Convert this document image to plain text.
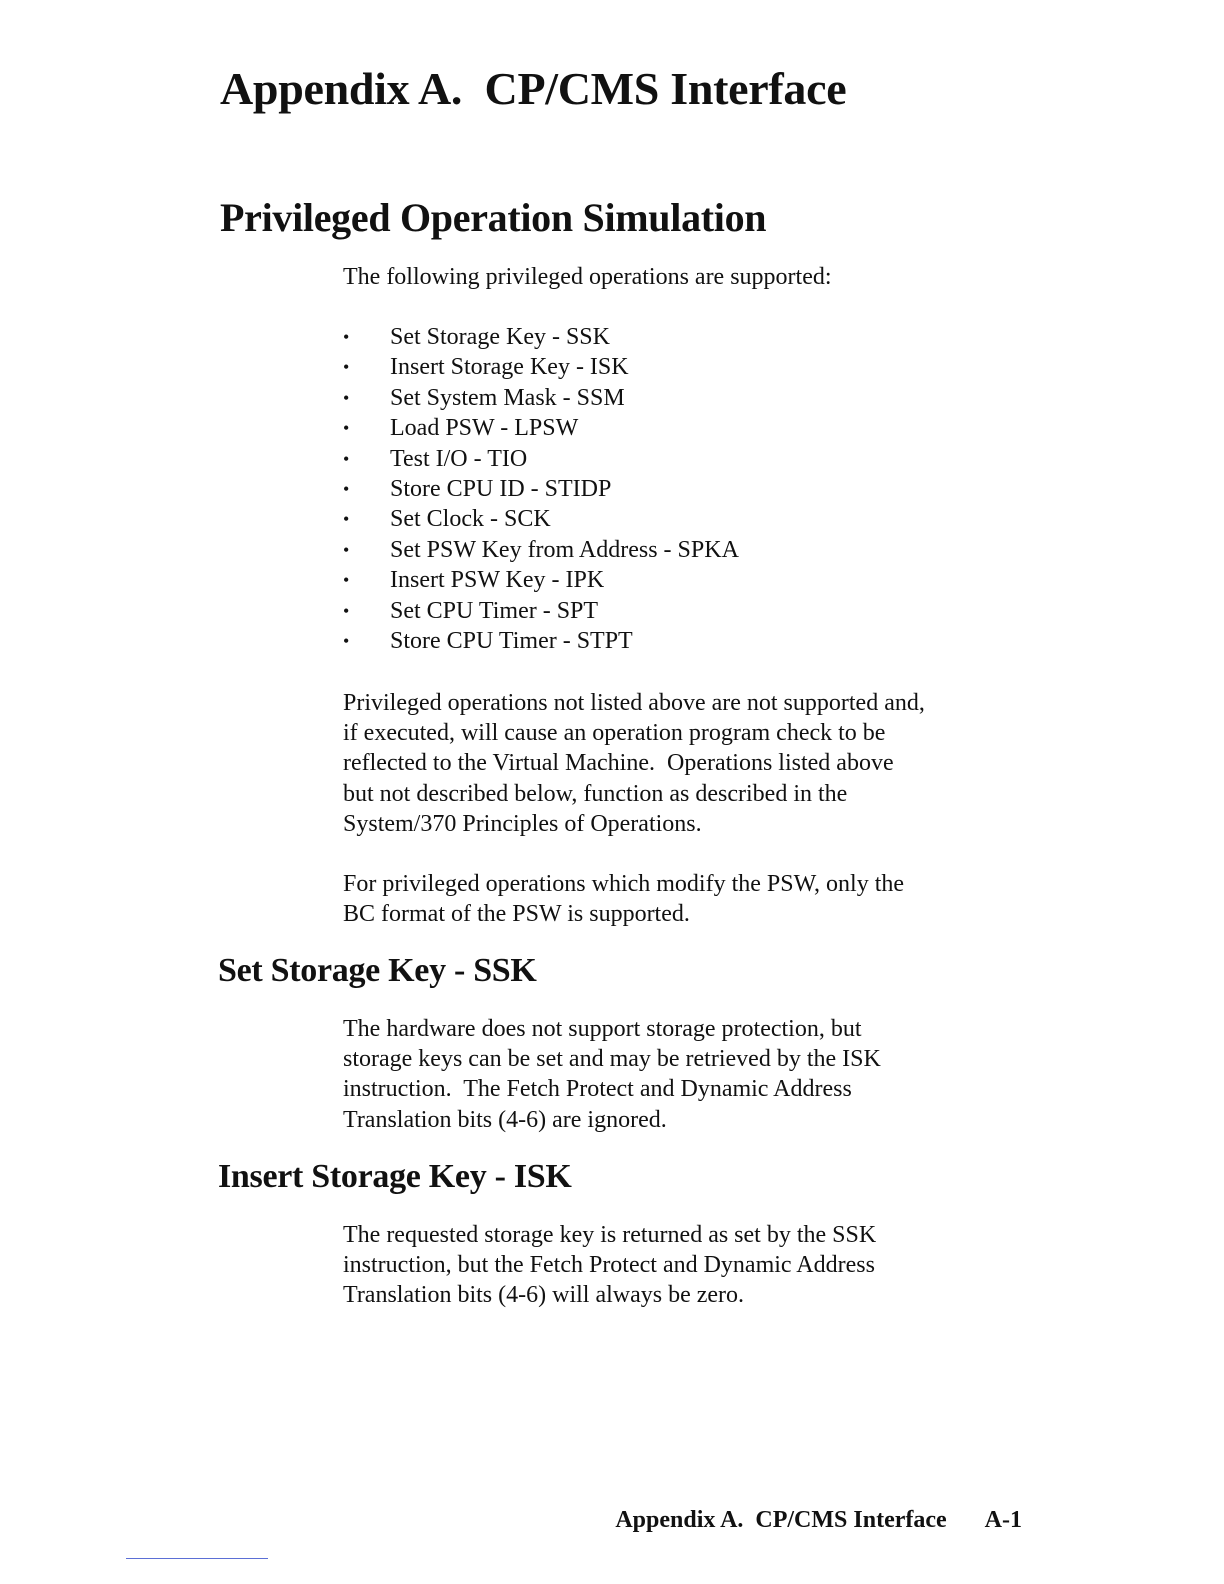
Appendix A.  CP/CMS Interface
Privileged Operation Simulation

The following privileged operations are supported:

•	Set Storage Key - SSK
•	Insert Storage Key - ISK
•	Set System Mask - SSM
•	Load PSW - LPSW
•	Test I/O - TIO
•	Store CPU ID - STIDP
•	Set Clock - SCK
•	Set PSW Key from Address - SPKA
•	Insert PSW Key - IPK
•	Set CPU Timer - SPT
•	Store CPU Timer - STPT

Privileged operations not listed above are not supported and,
if executed, will cause an operation program check to be
reflected to the Virtual Machine.  Operations listed above
but not described below, function as described in the
System/370 Principles of Operations.

For privileged operations which modify the PSW, only the
BC format of the PSW is supported.

Set Storage Key - SSK

The hardware does not support storage protection, but
storage keys can be set and may be retrieved by the ISK
instruction.  The Fetch Protect and Dynamic Address
Translation bits (4-6) are ignored.

Insert Storage Key - ISK

The requested storage key is returned as set by the SSK
instruction, but the Fetch Protect and Dynamic Address
Translation bits (4-6) will always be zero.

Appendix A.  CP/CMS Interface A-1
